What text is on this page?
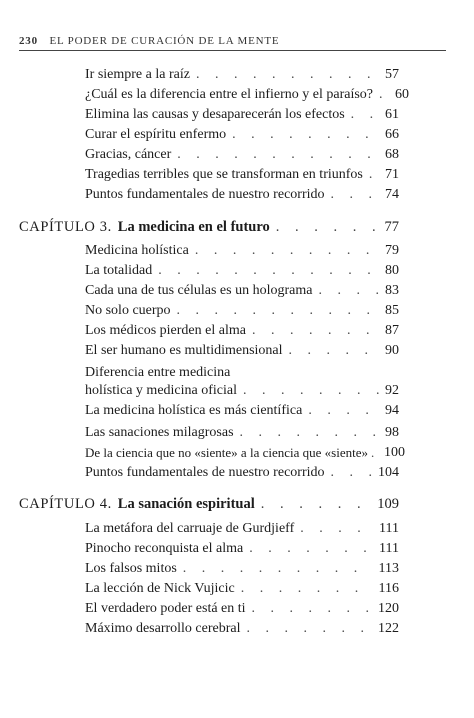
230 EL PODER DE CURACIÓN DE LA MENTE
Ir siempre a la raíz . . .	57
¿Cuál es la diferencia entre el infierno y el paraíso? . . . 60
Elimina las causas y desaparecerán los efectos . . .	61
Curar el espíritu enfermo . . .	66
Gracias, cáncer . . .	68
Tragedias terribles que se transforman en triunfos . . . 71
Puntos fundamentales de nuestro recorrido . . .	74
CAPÍTULO 3. La medicina en el futuro . . .	77
Medicina holística . . .	79
La totalidad . . .	80
Cada una de tus células es un holograma . . .	83
No solo cuerpo . . .	85
Los médicos pierden el alma . . .	87
El ser humano es multidimensional . . .	90
Diferencia entre medicina
holística y medicina oficial . . .	92
La medicina holística es más científica . . .	94
Las sanaciones milagrosas . . .	98
De la ciencia que no «siente» a la ciencia que «siente» . . . 100
Puntos fundamentales de nuestro recorrido . . .	104
CAPÍTULO 4. La sanación espiritual . . .	109
La metáfora del carruaje de Gurdjieff . . .	111
Pinocho reconquista el alma . . .	111
Los falsos mitos . . .	113
La lección de Nick Vujicic . . .	116
El verdadero poder está en ti . . .	120
Máximo desarrollo cerebral . . .	122
